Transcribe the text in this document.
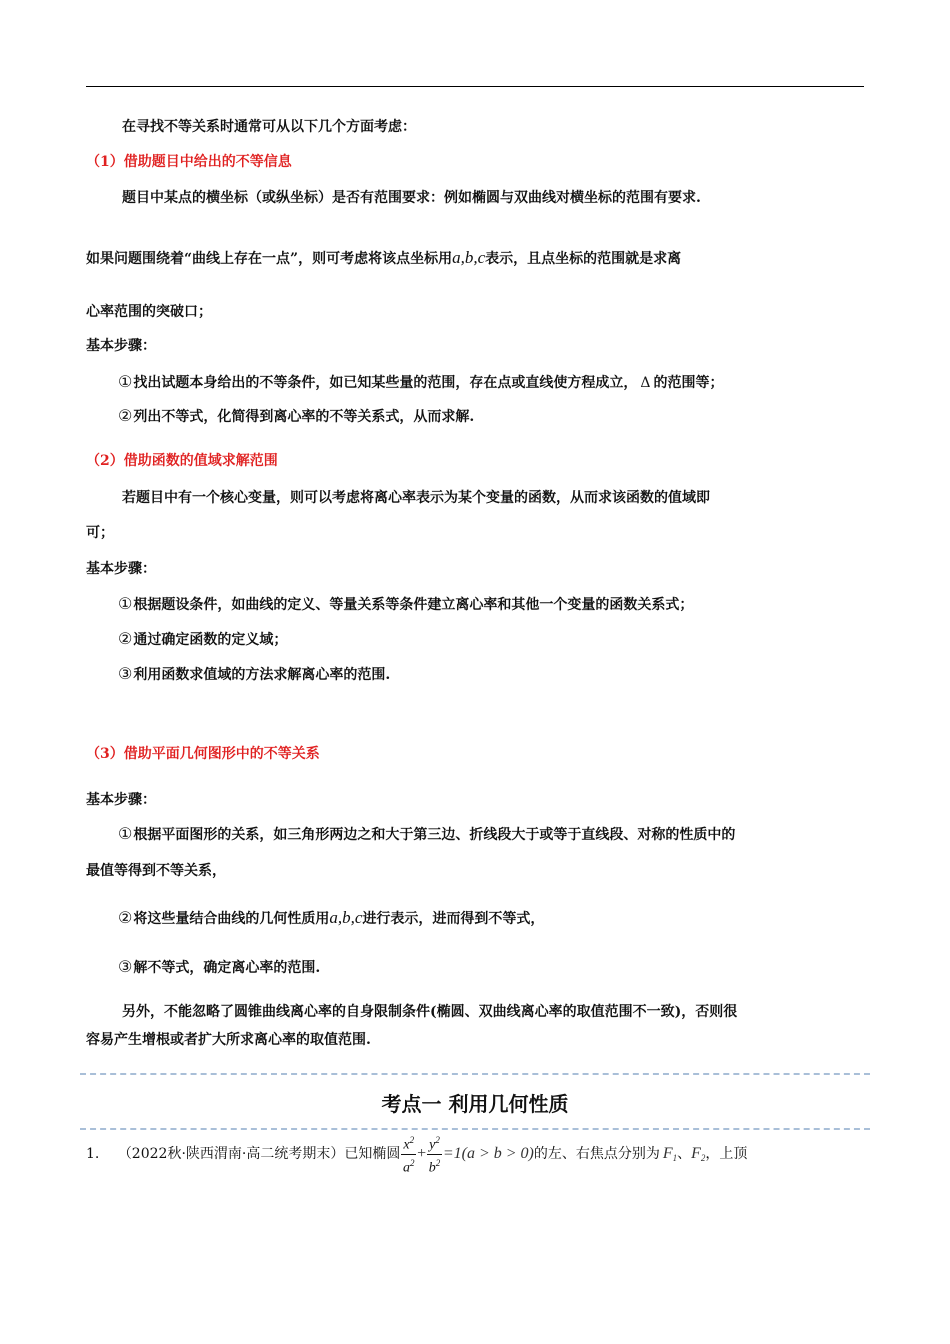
在寻找不等关系时通常可从以下几个方面考虑：
（1）借助题目中给出的不等信息
题目中某点的横坐标（或纵坐标）是否有范围要求：例如椭圆与双曲线对横坐标的范围有要求.
如果问题围绕着“曲线上存在一点”，则可考虑将该点坐标用a,b,c表示，且点坐标的范围就是求离
心率范围的突破口；
基本步骤：
①找出试题本身给出的不等条件，如已知某些量的范围，存在点或直线使方程成立， Δ 的范围等；
②列出不等式，化简得到离心率的不等关系式，从而求解.
（2）借助函数的值域求解范围
若题目中有一个核心变量，则可以考虑将离心率表示为某个变量的函数，从而求该函数的值域即
可；
基本步骤：
①根据题设条件，如曲线的定义、等量关系等条件建立离心率和其他一个变量的函数关系式；
②通过确定函数的定义域；
③利用函数求值域的方法求解离心率的范围.
（3）借助平面几何图形中的不等关系
基本步骤：
①根据平面图形的关系，如三角形两边之和大于第三边、折线段大于或等于直线段、对称的性质中的
最值等得到不等关系，
②将这些量结合曲线的几何性质用a,b,c进行表示，进而得到不等式，
③解不等式，确定离心率的范围.
另外，不能忽略了圆锥曲线离心率的自身限制条件(椭圆、双曲线离心率的取值范围不一致)，否则很
容易产生增根或者扩大所求离心率的取值范围.
考点一 利用几何性质
1. （2022秋·陕西渭南·高二统考期末）已知椭圆 $\frac{x^2}{a^2} + \frac{y^2}{b^2} =1(a > b > 0)$的左、右焦点分别为 $F_1$、$F_2$，上顶
